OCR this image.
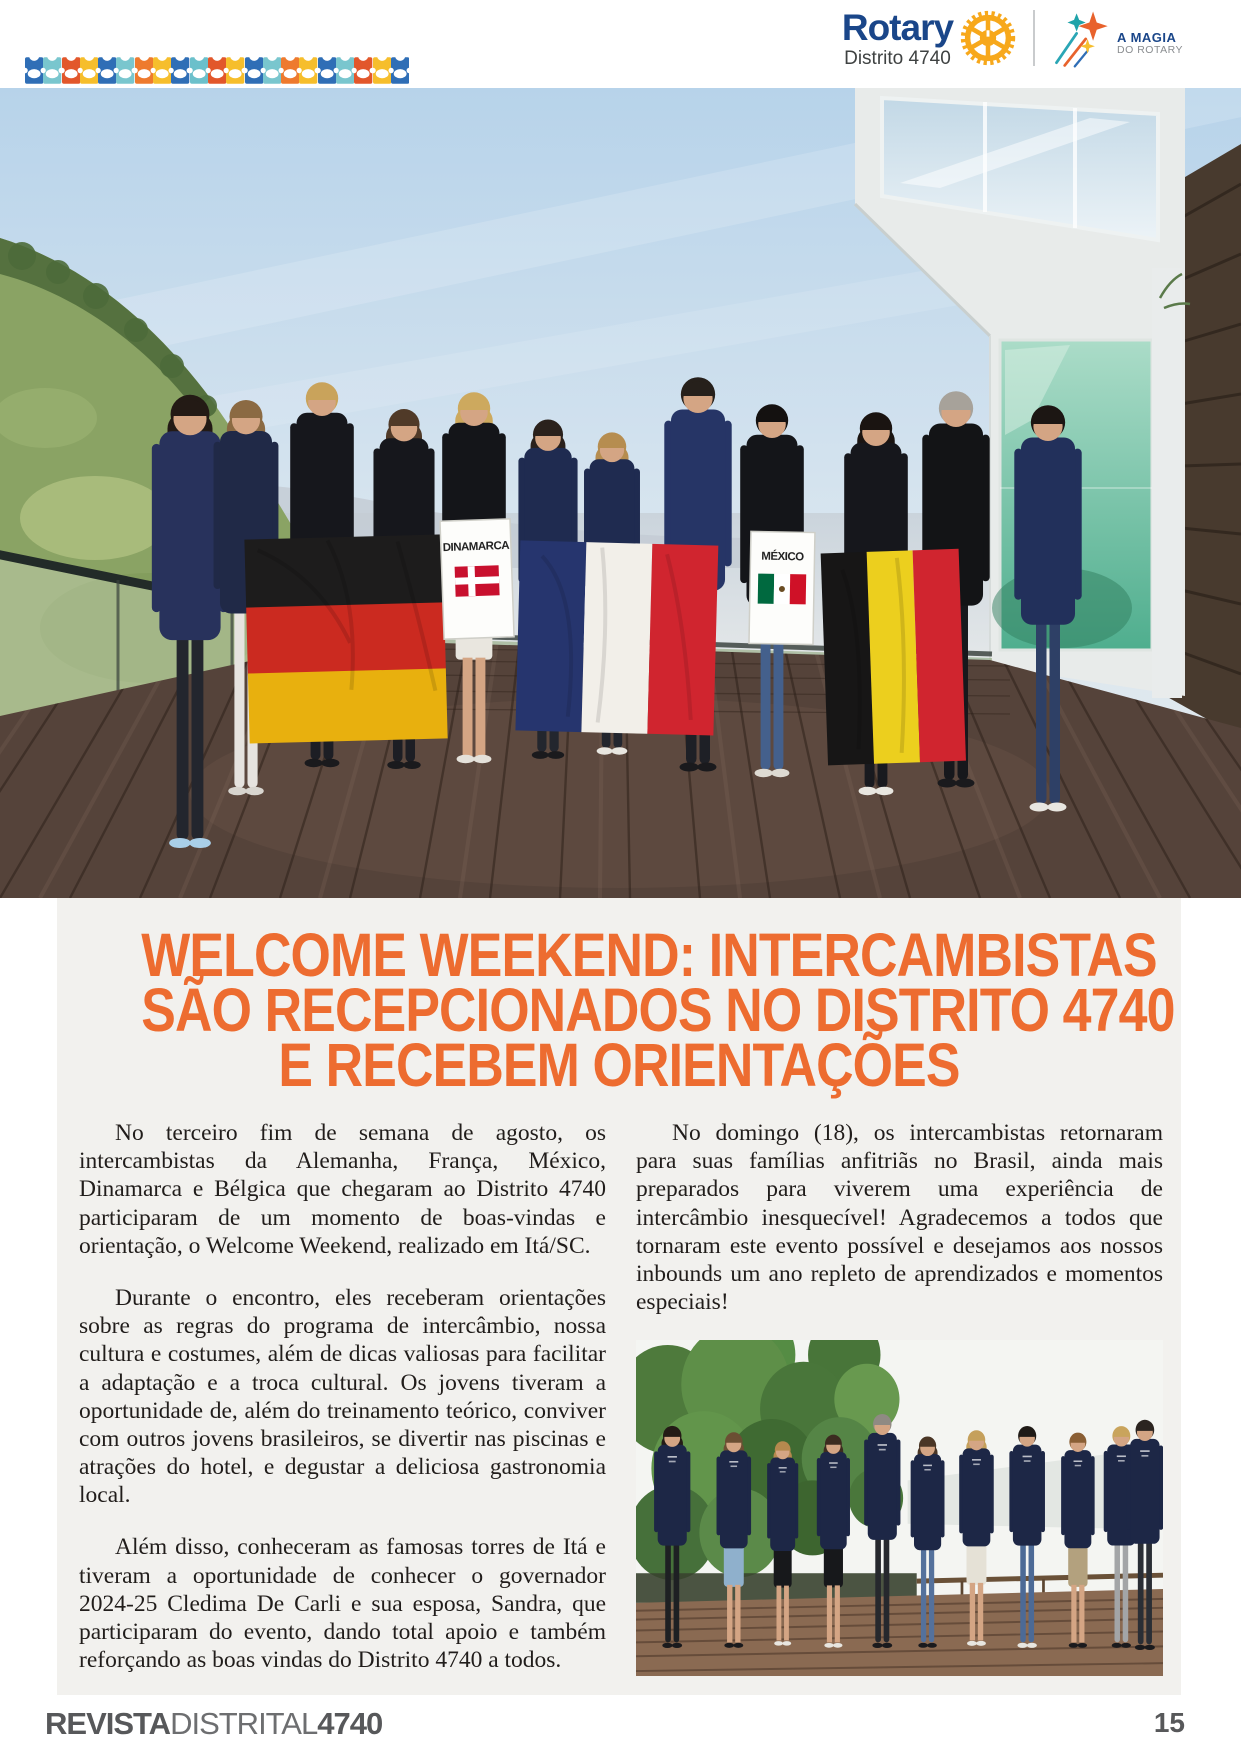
Rotary
Distrito 4740
A MAGIA
DO ROTARY
DINAMARCA
MÉXICO
WELCOME WEEKEND: INTERCAMBISTAS
SÃO RECEPCIONADOS NO DISTRITO 4740
E RECEBEM ORIENTAÇÕES

No terceiro fim de semana de agosto, os intercambistas da Alemanha, França, México, Dinamarca e Bélgica que chegaram ao Distrito 4740 participaram de um momento de boas-vindas e orientação, o Welcome Weekend, realizado em Itá/SC.

Durante o encontro, eles receberam orientações sobre as regras do programa de intercâmbio, nossa cultura e costumes, além de dicas valiosas para facilitar a adaptação e a troca cultural. Os jovens tiveram a oportunidade de, além do treinamento teórico, conviver com outros jovens brasileiros, se divertir nas piscinas e atrações do hotel, e degustar a deliciosa gastronomia local.

Além disso, conheceram as famosas torres de Itá e tiveram a oportunidade de conhecer o governador 2024-25 Cledima De Carli e sua esposa, Sandra, que participaram do evento, dando total apoio e também reforçando as boas vindas do Distrito 4740 a todos.

No domingo (18), os intercambistas retornaram para suas famílias anfitriãs no Brasil, ainda mais preparados para viverem uma experiência de intercâmbio inesquecível! Agradecemos a todos que tornaram este evento possível e desejamos aos nossos inbounds um ano repleto de aprendizados e momentos especiais!

REVISTADISTRITAL4740	15
